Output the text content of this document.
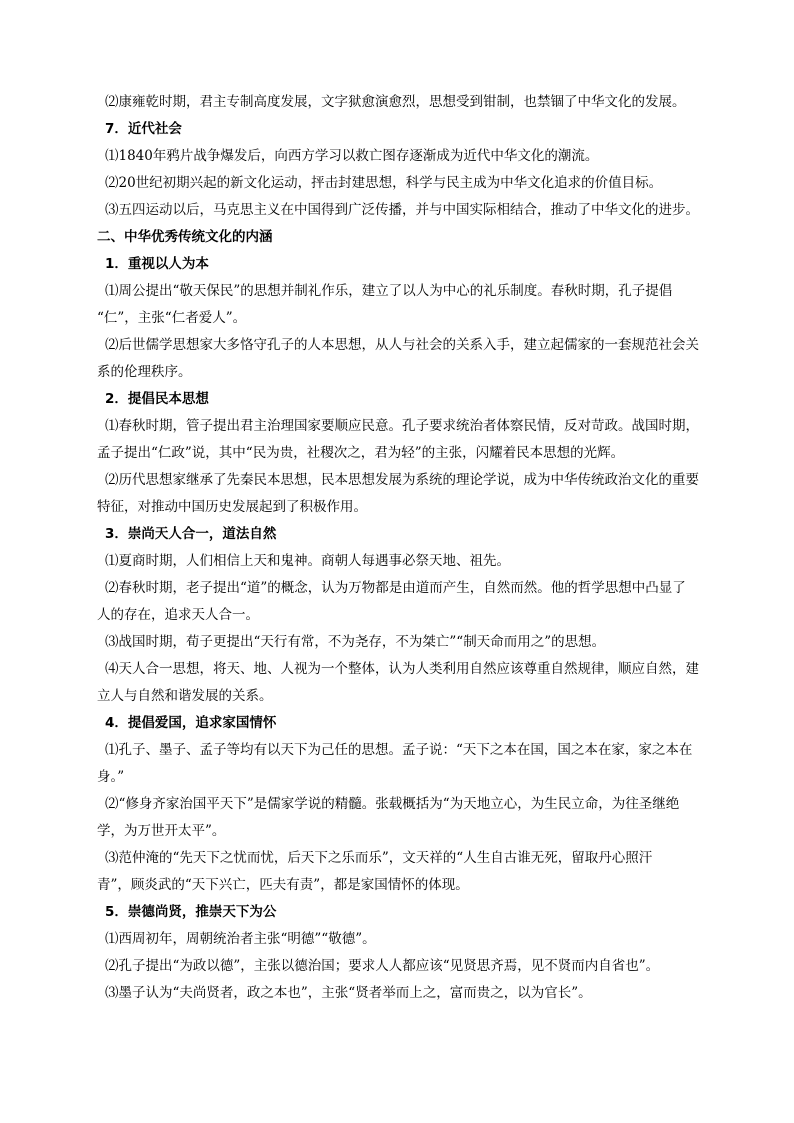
⑵康雍乾时期，君主专制高度发展，文字狱愈演愈烈，思想受到钳制，也禁锢了中华文化的发展。
7．近代社会
⑴1840年鸦片战争爆发后，向西方学习以救亡图存逐渐成为近代中华文化的潮流。
⑵20世纪初期兴起的新文化运动，抨击封建思想，科学与民主成为中华文化追求的价值目标。
⑶五四运动以后，马克思主义在中国得到广泛传播，并与中国实际相结合，推动了中华文化的进步。
二、中华优秀传统文化的内涵
1．重视以人为本
⑴周公提出“敬天保民”的思想并制礼作乐，建立了以人为中心的礼乐制度。春秋时期，孔子提倡
“仁”，主张“仁者爱人”。
⑵后世儒学思想家大多恪守孔子的人本思想，从人与社会的关系入手，建立起儒家的一套规范社会关
系的伦理秩序。
2．提倡民本思想
⑴春秋时期，管子提出君主治理国家要顺应民意。孔子要求统治者体察民情，反对苛政。战国时期，
孟子提出“仁政”说，其中“民为贵，社稷次之，君为轻”的主张，闪耀着民本思想的光辉。
⑵历代思想家继承了先秦民本思想，民本思想发展为系统的理论学说，成为中华传统政治文化的重要
特征，对推动中国历史发展起到了积极作用。
3．崇尚天人合一，道法自然
⑴夏商时期，人们相信上天和鬼神。商朝人每遇事必祭天地、祖先。
⑵春秋时期，老子提出“道”的概念，认为万物都是由道而产生，自然而然。他的哲学思想中凸显了
人的存在，追求天人合一。
⑶战国时期，荀子更提出“天行有常，不为尧存，不为桀亡”“制天命而用之”的思想。
⑷天人合一思想，将天、地、人视为一个整体，认为人类利用自然应该尊重自然规律，顺应自然，建
立人与自然和谐发展的关系。
4．提倡爱国，追求家国情怀
⑴孔子、墨子、孟子等均有以天下为己任的思想。孟子说：“天下之本在国，国之本在家，家之本在
身。”
⑵“修身齐家治国平天下”是儒家学说的精髓。张载概括为“为天地立心，为生民立命，为往圣继绝
学，为万世开太平”。
⑶范仲淹的“先天下之忧而忧，后天下之乐而乐”，文天祥的“人生自古谁无死，留取丹心照汗
青”，顾炎武的“天下兴亡，匹夫有责”，都是家国情怀的体现。
5．崇德尚贤，推崇天下为公
⑴西周初年，周朝统治者主张“明德”“敬德”。
⑵孔子提出“为政以德”，主张以德治国；要求人人都应该“见贤思齐焉，见不贤而内自省也”。
⑶墨子认为“夫尚贤者，政之本也”，主张“贤者举而上之，富而贵之，以为官长”。
